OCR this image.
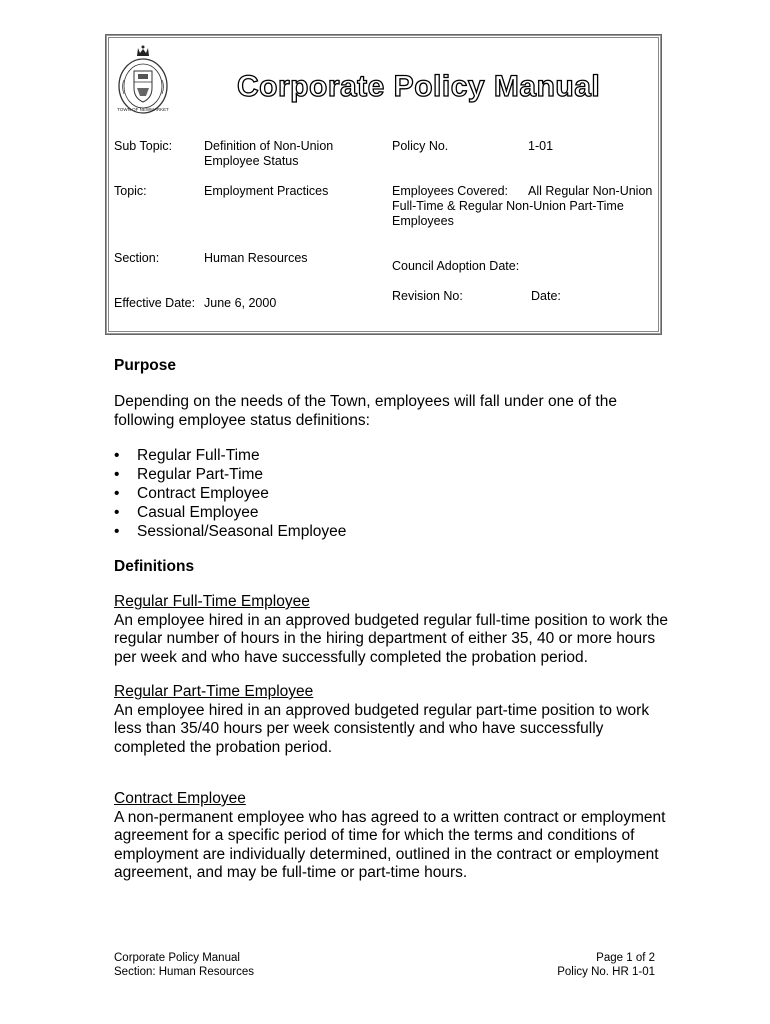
TOWN OF NEWMARKET
Corporate Policy Manual
Sub Topic:	Definition of Non-Union
Employee Status
Topic:	Employment Practices
Section:	Human Resources
Effective Date: June 6, 2000
Policy No.	1-01
Employees Covered: All Regular Non-Union
Full-Time & Regular Non-Union Part-Time
Employees
Council Adoption Date:
Revision No:	Date:
Purpose
Depending on the needs of the Town, employees will fall under one of the
following employee status definitions:
• Regular Full-Time
• Regular Part-Time
• Contract Employee
• Casual Employee
• Sessional/Seasonal Employee
Definitions
Regular Full-Time Employee
An employee hired in an approved budgeted regular full-time position to work the
regular number of hours in the hiring department of either 35, 40 or more hours
per week and who have successfully completed the probation period.
Regular Part-Time Employee
An employee hired in an approved budgeted regular part-time position to work
less than 35/40 hours per week consistently and who have successfully
completed the probation period.
Contract Employee
A non-permanent employee who has agreed to a written contract or employment
agreement for a specific period of time for which the terms and conditions of
employment are individually determined, outlined in the contract or employment
agreement, and may be full-time or part-time hours.
Corporate Policy Manual
Section: Human Resources
Page 1 of 2
Policy No. HR 1-01
